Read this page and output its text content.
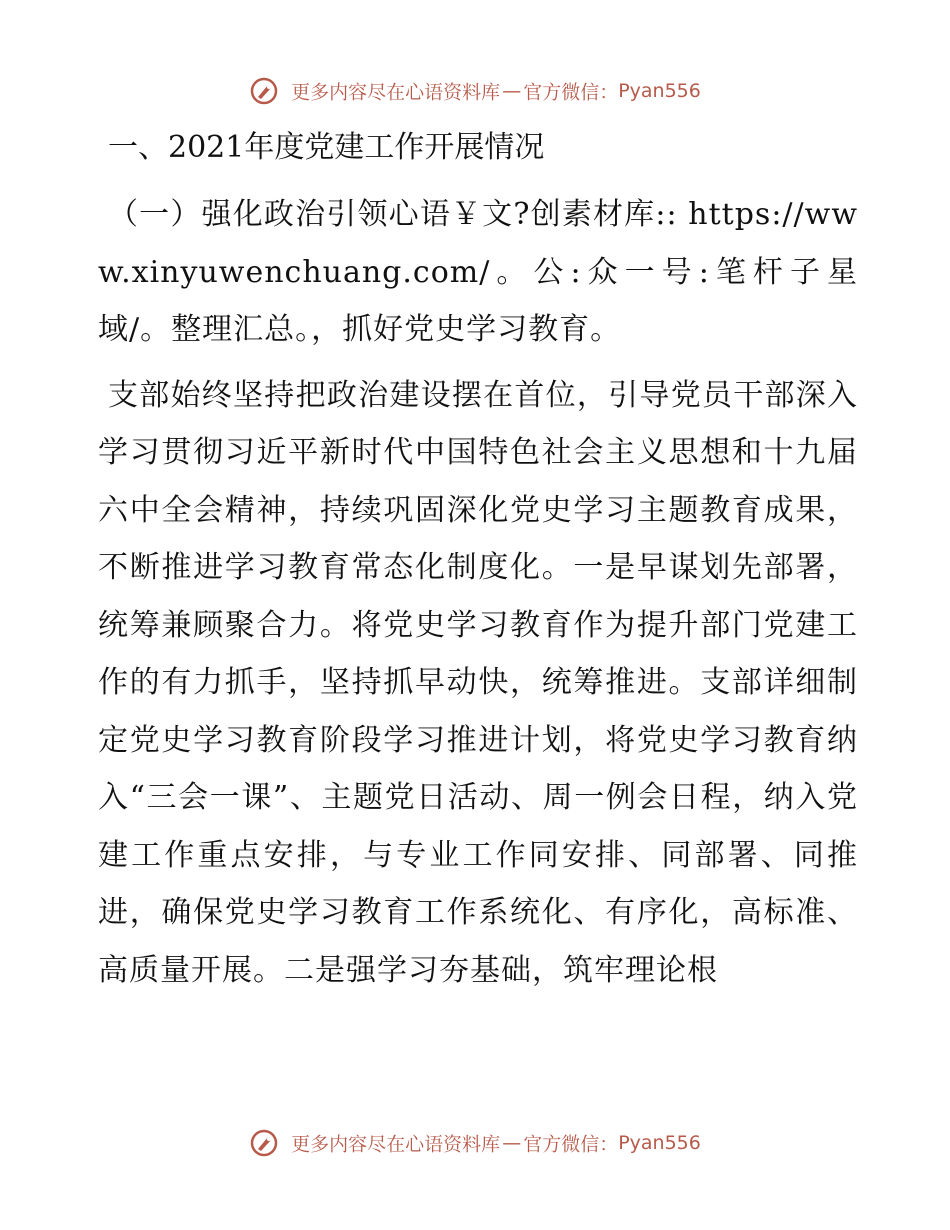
更多内容尽在心语资料库 — 官方微信：Pyan556
一、2021年度党建工作开展情况

（一）强化政治引领心语￥文?创素材库:: https://www.xinyuwenchuang.com/。公:众一号:笔杆子星域/。整理汇总。，抓好党史学习教育。

支部始终坚持把政治建设摆在首位，引导党员干部深入学习贯彻习近平新时代中国特色社会主义思想和十九届六中全会精神，持续巩固深化党史学习主题教育成果，不断推进学习教育常态化制度化。一是早谋划先部署，统筹兼顾聚合力。将党史学习教育作为提升部门党建工作的有力抓手，坚持抓早动快，统筹推进。支部详细制定党史学习教育阶段学习推进计划，将党史学习教育纳入“三会一课”、主题党日活动、周一例会日程，纳入党建工作重点安排，与专业工作同安排、同部署、同推进，确保党史学习教育工作系统化、有序化，高标准、高质量开展。二是强学习夯基础，筑牢理论根

更多内容尽在心语资料库 — 官方微信：Pyan556
